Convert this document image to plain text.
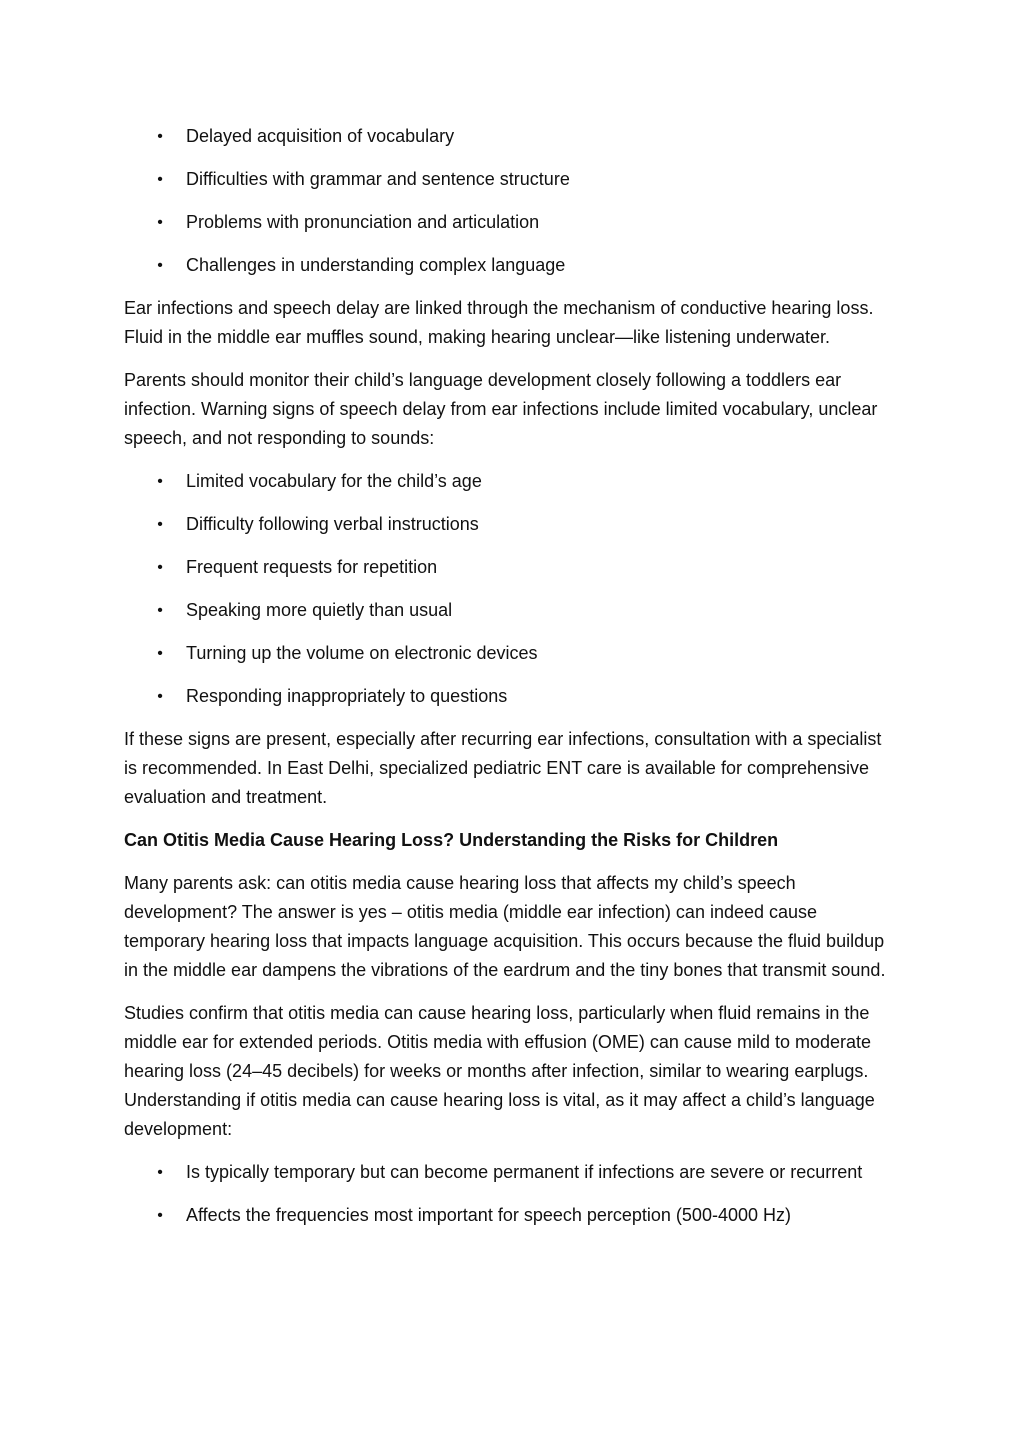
• Delayed acquisition of vocabulary
• Difficulties with grammar and sentence structure
• Problems with pronunciation and articulation
• Challenges in understanding complex language

Ear infections and speech delay are linked through the mechanism of conductive hearing loss. Fluid in the middle ear muffles sound, making hearing unclear—like listening underwater.

Parents should monitor their child’s language development closely following a toddlers ear infection. Warning signs of speech delay from ear infections include limited vocabulary, unclear speech, and not responding to sounds:

• Limited vocabulary for the child’s age
• Difficulty following verbal instructions
• Frequent requests for repetition
• Speaking more quietly than usual
• Turning up the volume on electronic devices
• Responding inappropriately to questions

If these signs are present, especially after recurring ear infections, consultation with a specialist is recommended. In East Delhi, specialized pediatric ENT care is available for comprehensive evaluation and treatment.

Can Otitis Media Cause Hearing Loss? Understanding the Risks for Children

Many parents ask: can otitis media cause hearing loss that affects my child’s speech development? The answer is yes – otitis media (middle ear infection) can indeed cause temporary hearing loss that impacts language acquisition. This occurs because the fluid buildup in the middle ear dampens the vibrations of the eardrum and the tiny bones that transmit sound.

Studies confirm that otitis media can cause hearing loss, particularly when fluid remains in the middle ear for extended periods. Otitis media with effusion (OME) can cause mild to moderate hearing loss (24–45 decibels) for weeks or months after infection, similar to wearing earplugs. Understanding if otitis media can cause hearing loss is vital, as it may affect a child’s language development:

• Is typically temporary but can become permanent if infections are severe or recurrent
• Affects the frequencies most important for speech perception (500-4000 Hz)
